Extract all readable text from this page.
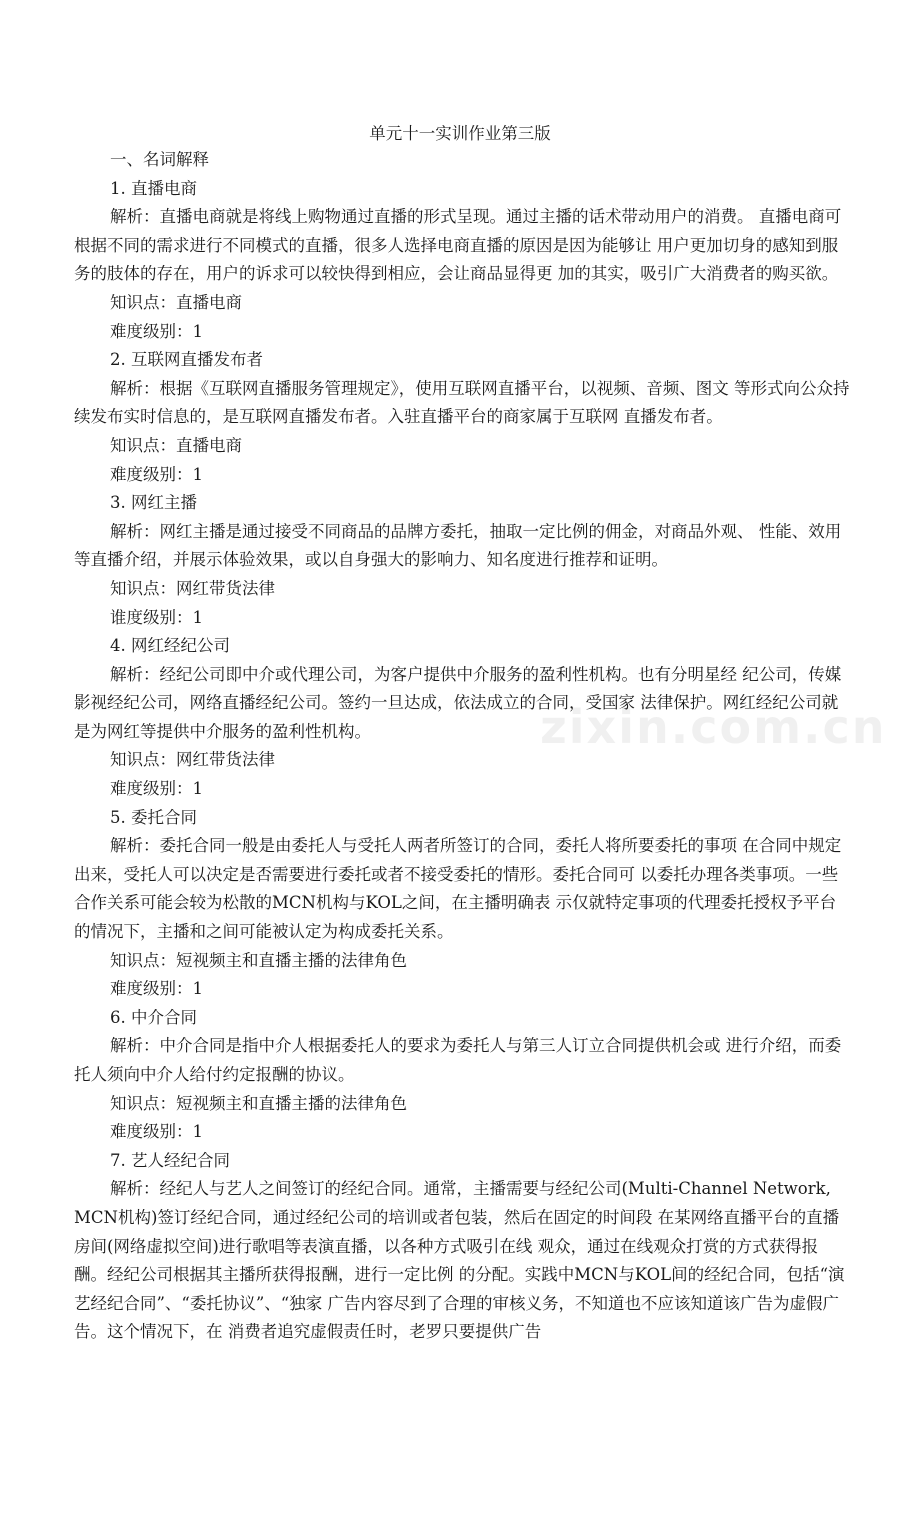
zixin.com.cn
单元十一实训作业第三版

一、名词解释

1. 直播电商

解析：直播电商就是将线上购物通过直播的形式呈现。通过主播的话术带动用户的消费。 直播电商可根据不同的需求进行不同模式的直播，很多人选择电商直播的原因是因为能够让 用户更加切身的感知到服务的肢体的存在，用户的诉求可以较快得到相应，会让商品显得更 加的其实，吸引广大消费者的购买欲。

知识点：直播电商

难度级别：1

2. 互联网直播发布者

解析：根据《互联网直播服务管理规定》，使用互联网直播平台，以视频、音频、图文 等形式向公众持续发布实时信息的，是互联网直播发布者。入驻直播平台的商家属于互联网 直播发布者。

知识点：直播电商

难度级别：1

3. 网红主播

解析：网红主播是通过接受不同商品的品牌方委托，抽取一定比例的佣金，对商品外观、 性能、效用等直播介绍，并展示体验效果，或以自身强大的影响力、知名度进行推荐和证明。

知识点：网红带货法律

谁度级别：1

4. 网红经纪公司

解析：经纪公司即中介或代理公司，为客户提供中介服务的盈利性机构。也有分明星经 纪公司，传媒影视经纪公司，网络直播经纪公司。签约一旦达成，依法成立的合同，受国家 法律保护。网红经纪公司就是为网红等提供中介服务的盈利性机构。

知识点：网红带货法律

难度级别：1

5. 委托合同

解析：委托合同一般是由委托人与受托人两者所签订的合同，委托人将所要委托的事项 在合同中规定出来，受托人可以决定是否需要进行委托或者不接受委托的情形。委托合同可 以委托办理各类事项。一些合作关系可能会较为松散的MCN机构与KOL之间，在主播明确表 示仅就特定事项的代理委托授权予平台的情况下，主播和之间可能被认定为构成委托关系。

知识点：短视频主和直播主播的法律角色

难度级别：1

6. 中介合同

解析：中介合同是指中介人根据委托人的要求为委托人与第三人订立合同提供机会或 进行介绍，而委托人须向中介人给付约定报酬的协议。

知识点：短视频主和直播主播的法律角色

难度级别：1

7. 艺人经纪合同

解析：经纪人与艺人之间签订的经纪合同。通常，主播需要与经纪公司(Multi-Channel Network, MCN机构)签订经纪合同，通过经纪公司的培训或者包装，然后在固定的时间段 在某网络直播平台的直播房间(网络虚拟空间)进行歌唱等表演直播，以各种方式吸引在线 观众，通过在线观众打赏的方式获得报酬。经纪公司根据其主播所获得报酬，进行一定比例 的分配。实践中MCN与KOL间的经纪合同，包括“演艺经纪合同”、“委托协议”、“独家 广告内容尽到了合理的审核义务，不知道也不应该知道该广告为虚假广告。这个情况下，在 消费者追究虚假责任时，老罗只要提供广告
